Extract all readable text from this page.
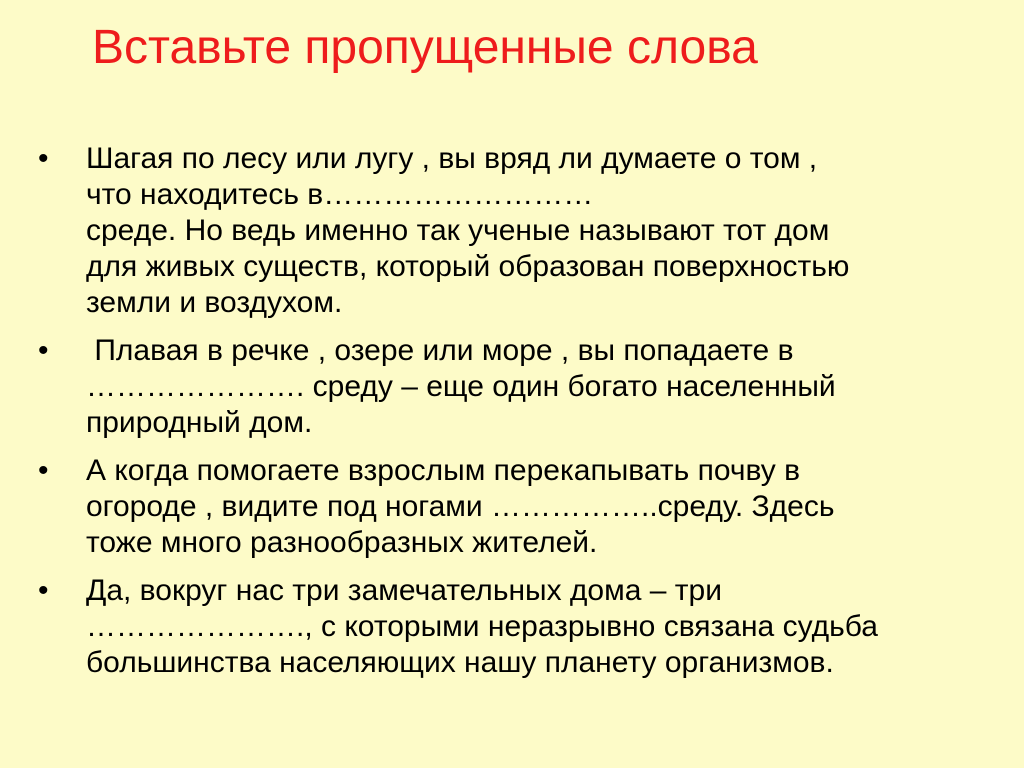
Вставьте пропущенные слова
• Шагая по лесу или лугу , вы вряд ли думаете о том ,
что находитесь в………………………
среде. Но ведь именно так ученые называют тот дом
для живых существ, который образован поверхностью
земли и воздухом.
• Плавая в речке , озере или море , вы попадаете в
…………………. среду – еще один богато населенный
природный дом.
• А когда помогаете взрослым перекапывать почву в
огороде , видите под ногами ……………..среду. Здесь
тоже много разнообразных жителей.
• Да, вокруг нас три замечательных дома – три
…………………., с которыми неразрывно связана судьба
большинства населяющих нашу планету организмов.
